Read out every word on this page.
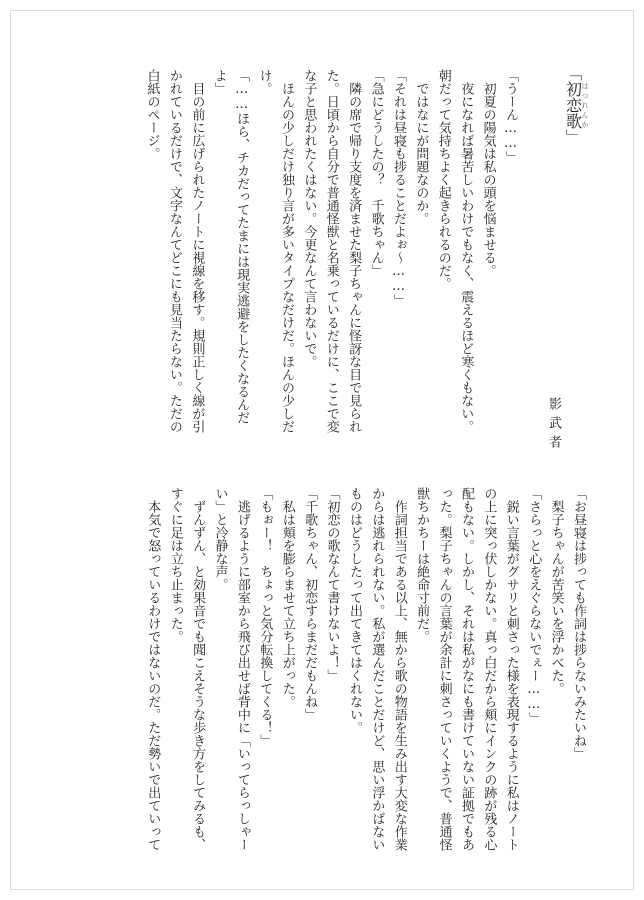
「初恋歌はつれんか」
影武者
「うーん……」
　初夏の陽気は私の頭を悩ませる。
　夜になれば暑苦しいわけでもなく、震えるほど寒くもない。
朝だって気持ちよく起きられるのだ。
　ではなにが問題なのか。
「それは昼寝も捗ることだよぉ〜……」
「急にどうしたの？　千歌ちゃん」
　隣の席で帰り支度を済ませた梨子ちゃんに怪訝な目で見られ
た。日頃から自分で普通怪獣と名乗っているだけに、ここで変
な子と思われたくはない。今更なんて言わないで。
　ほんの少しだけ独り言が多いタイプなだけだ。ほんの少しだ
け。
「……ほら、チカだってたまには現実逃避をしたくなるんだ
よ」
　目の前に広げられたノートに視線を移す。規則正しく線が引
かれているだけで、文字なんてどこにも見当たらない。ただの
白紙のページ。
「お昼寝は捗っても作詞は捗らないみたいね」
　梨子ちゃんが苦笑いを浮かべた。
「さらっと心をえぐらないでぇー……」
　鋭い言葉がグサリと刺さった様を表現するように私はノート
の上に突っ伏しかない。真っ白だから頬にインクの跡が残る心
配もない。しかし、それは私がなにも書けていない証拠でもあ
った。梨子ちゃんの言葉が余計に刺さっていくようで、普通怪
獣ちかちーは絶命寸前だ。
　作詞担当である以上、無から歌の物語を生み出す大変な作業
からは逃れられない。私が選んだことだけど、思い浮かばない
ものはどうしたって出てきてはくれない。
「初恋の歌なんて書けないよ！」
「千歌ちゃん、初恋すらまだだもんね」
　私は頬を膨らませて立ち上がった。
「もぉー！　ちょっと気分転換してくる！」
　逃げるように部室から飛び出せば背中に「いってらっしゃー
い」と冷静な声。
　ずんずん、と効果音でも聞こえそうな歩き方をしてみるも、
すぐに足は立ち止まった。
　本気で怒っているわけではないのだ。ただ勢いで出ていって
